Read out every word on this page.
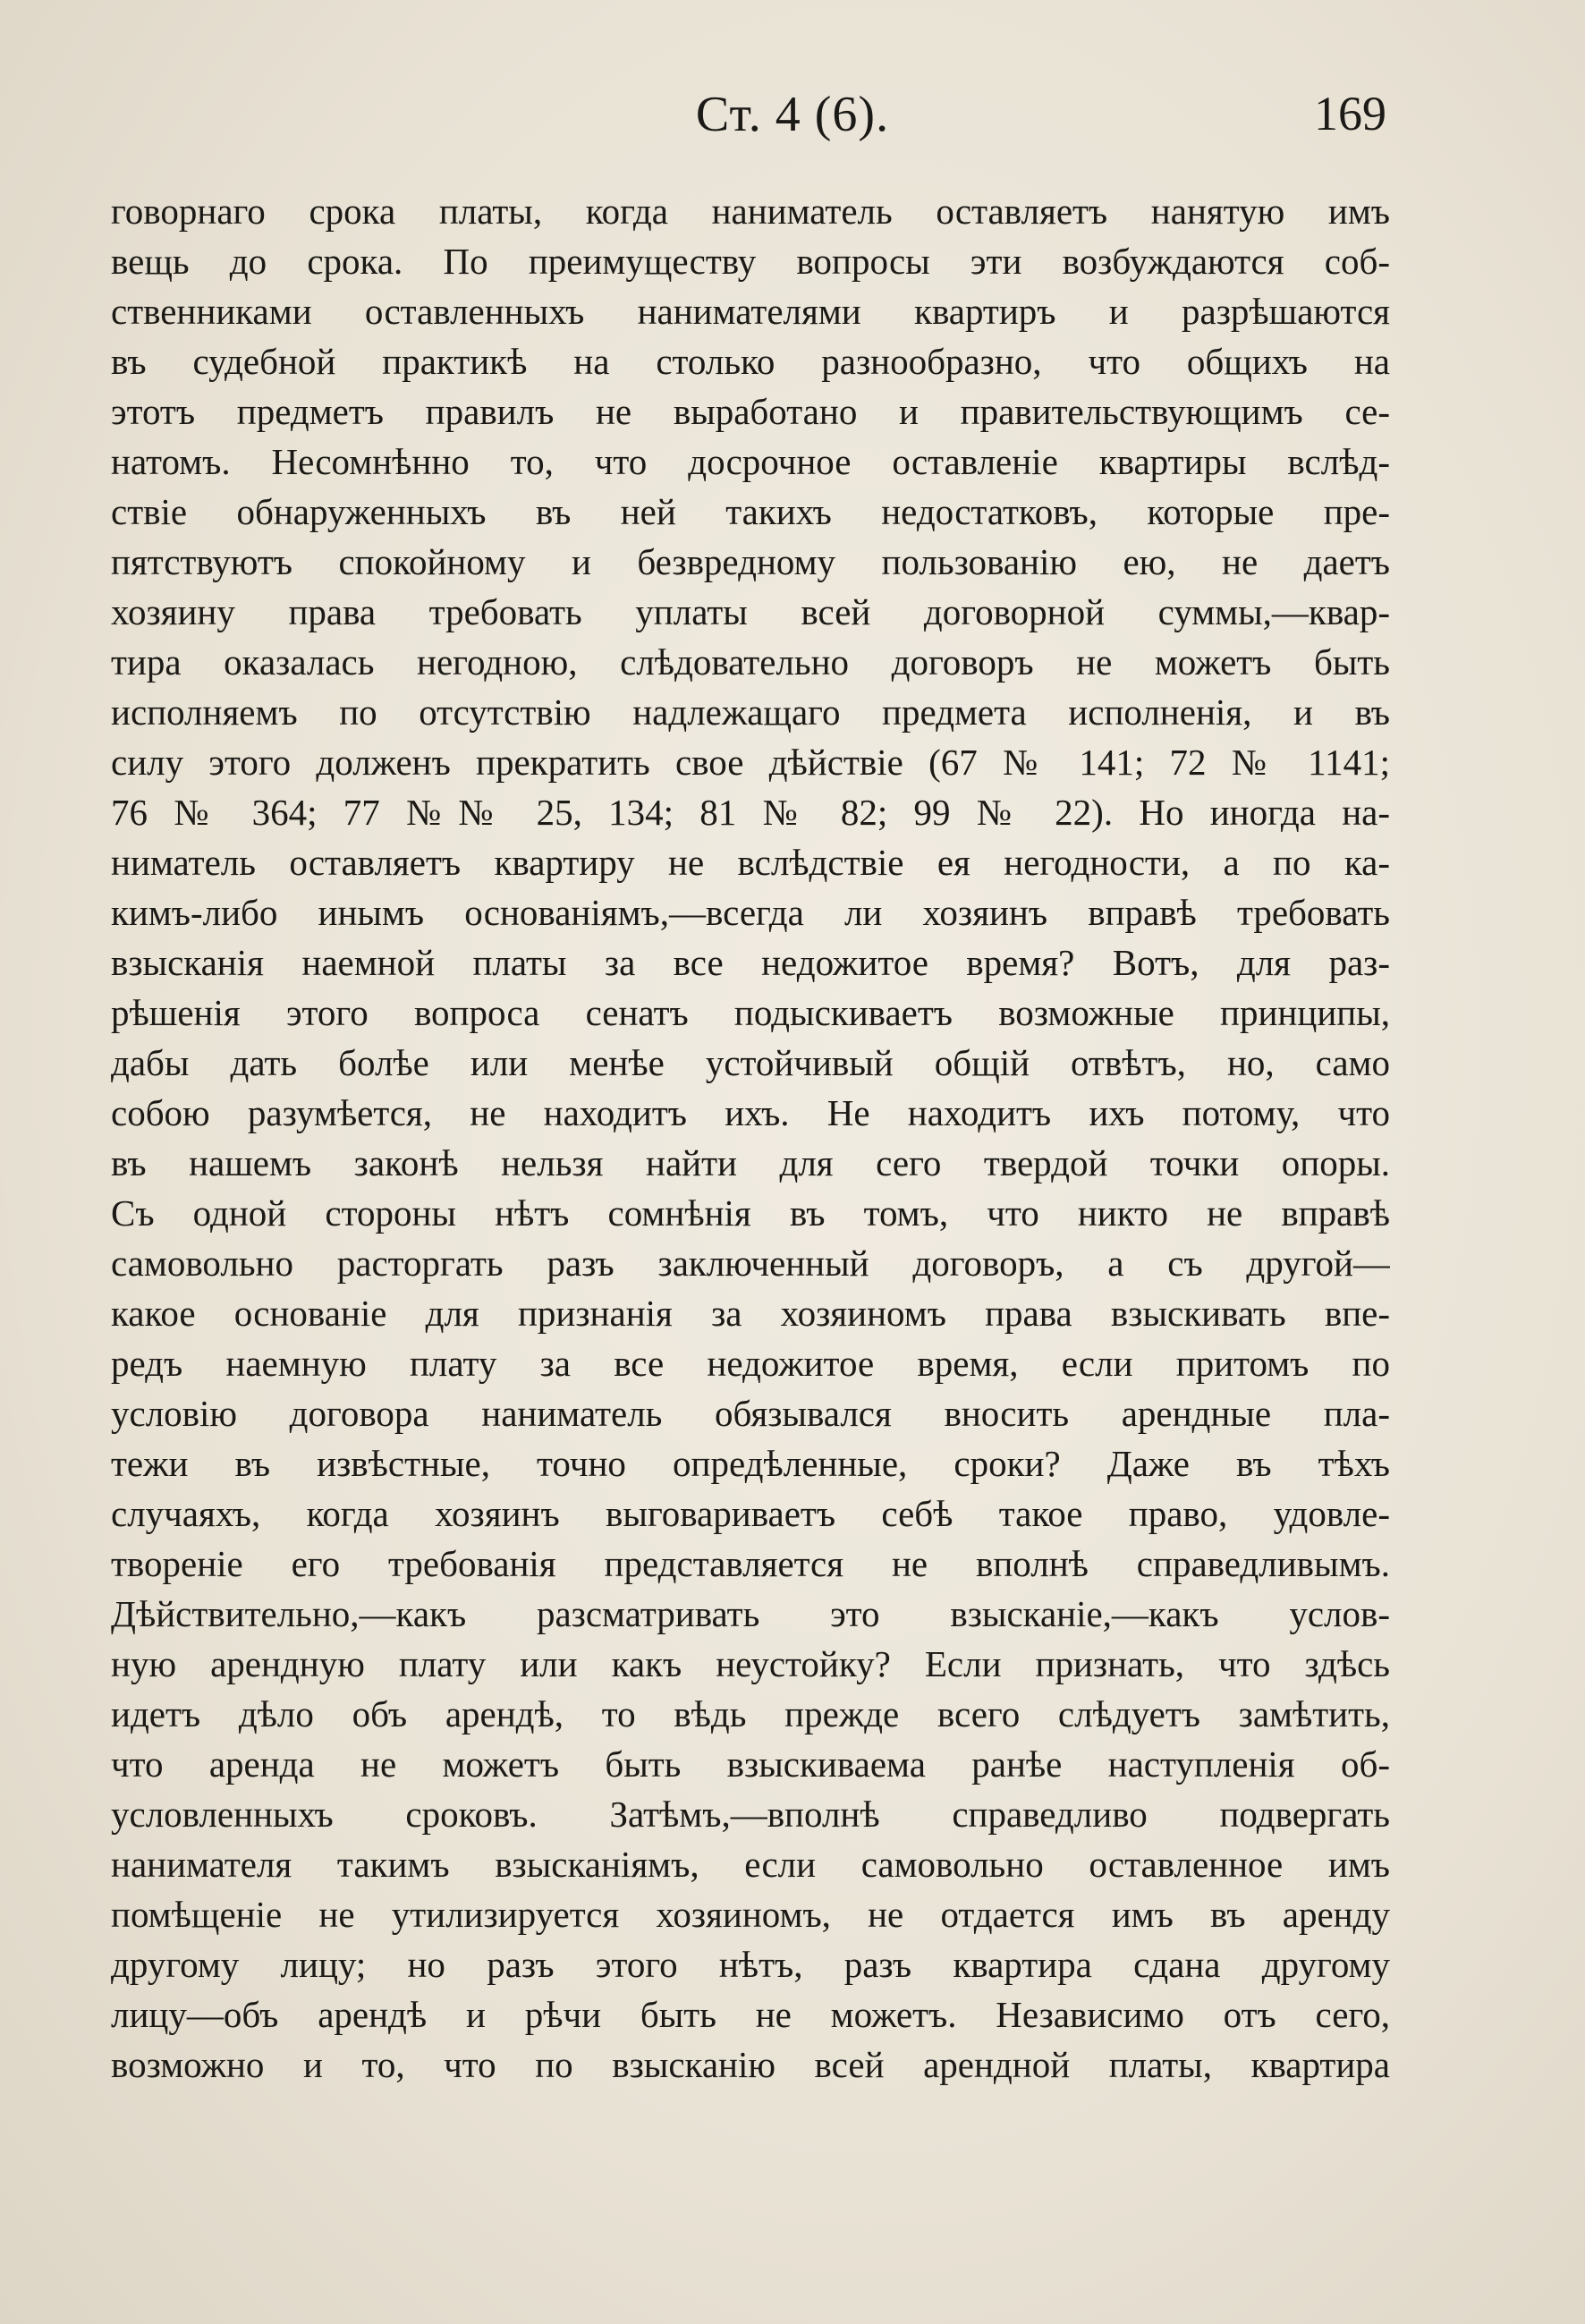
Ст. 4 (6).	169
говорнаго срока платы, когда наниматель оставляетъ нанятую имъ
вещь до срока. По преимуществу вопросы эти возбуждаются соб-
ственниками оставленныхъ нанимателями квартиръ и разрѣшаются
въ судебной практикѣ на столько разнообразно, что общихъ на
этотъ предметъ правилъ не выработано и правительствующимъ се-
натомъ. Несомнѣнно то, что досрочное оставленіе квартиры вслѣд-
ствіе обнаруженныхъ въ ней такихъ недостатковъ, которые пре-
пятствуютъ спокойному и безвредному пользованію ею, не даетъ
хозяину права требовать уплаты всей договорной суммы,—квар-
тира оказалась негодною, слѣдовательно договоръ не можетъ быть
исполняемъ по отсутствію надлежащаго предмета исполненія, и въ
силу этого долженъ прекратить свое дѣйствіе (67 № 141; 72 № 1141;
76 № 364; 77 №№ 25, 134; 81 № 82; 99 № 22). Но иногда на-
ниматель оставляетъ квартиру не вслѣдствіе ея негодности, а по ка-
кимъ-либо инымъ основаніямъ,—всегда ли хозяинъ вправѣ требовать
взысканія наемной платы за все недожитое время? Вотъ, для раз-
рѣшенія этого вопроса сенатъ подыскиваетъ возможные принципы,
дабы дать болѣе или менѣе устойчивый общій отвѣтъ, но, само
собою разумѣется, не находитъ ихъ. Не находитъ ихъ потому, что
въ нашемъ законѣ нельзя найти для сего твердой точки опоры.
Съ одной стороны нѣтъ сомнѣнія въ томъ, что никто не вправѣ
самовольно расторгать разъ заключенный договоръ, а съ другой—
какое основаніе для признанія за хозяиномъ права взыскивать впе-
редъ наемную плату за все недожитое время, если притомъ по
условію договора наниматель обязывался вносить арендные пла-
тежи въ извѣстные, точно опредѣленные, сроки? Даже въ тѣхъ
случаяхъ, когда хозяинъ выговариваетъ себѣ такое право, удовле-
твореніе его требованія представляется не вполнѣ справедливымъ.
Дѣйствительно,—какъ разсматривать это взысканіе,—какъ услов-
ную арендную плату или какъ неустойку? Если признать, что здѣсь
идетъ дѣло объ арендѣ, то вѣдь прежде всего слѣдуетъ замѣтить,
что аренда не можетъ быть взыскиваема ранѣе наступленія об-
условленныхъ сроковъ. Затѣмъ,—вполнѣ справедливо подвергать
нанимателя такимъ взысканіямъ, если самовольно оставленное имъ
помѣщеніе не утилизируется хозяиномъ, не отдается имъ въ аренду
другому лицу; но разъ этого нѣтъ, разъ квартира сдана другому
лицу—объ арендѣ и рѣчи быть не можетъ. Независимо отъ сего,
возможно и то, что по взысканію всей арендной платы, квартира
